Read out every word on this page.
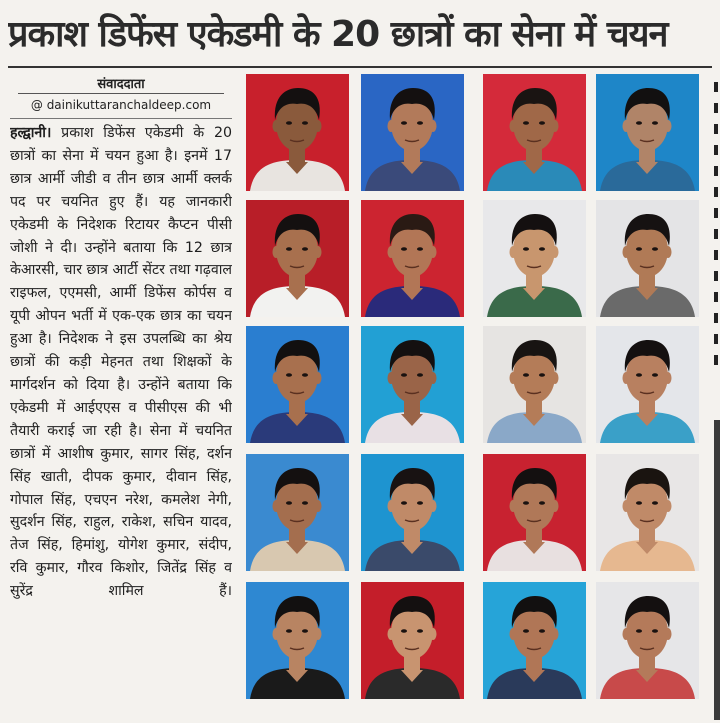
प्रकाश डिफेंस एकेडमी के 20 छात्रों का सेना में चयन
संवाददाता
@ dainikuttaranchaldeep.com
हल्द्वानी। प्रकाश डिफेंस एकेडमी के 20 छात्रों का सेना में चयन हुआ है। इनमें 17 छात्र आर्मी जीडी व तीन छात्र आर्मी क्लर्क पद पर चयनित हुए हैं। यह जानकारी एकेडमी के निदेशक रिटायर कैप्टन पीसी जोशी ने दी। उन्होंने बताया कि 12 छात्र केआरसी, चार छात्र आर्टी सेंटर तथा गढ़वाल राइफल, एएमसी, आर्मी डिफेंस कोर्पस व यूपी ओपन भर्ती में एक-एक छात्र का चयन हुआ है। निदेशक ने इस उपलब्धि का श्रेय छात्रों की कड़ी मेहनत तथा शिक्षकों के मार्गदर्शन को दिया है। उन्होंने बताया कि एकेडमी में आईएएस व पीसीएस की भी तैयारी कराई जा रही है। सेना में चयनित छात्रों में आशीष कुमार, सागर सिंह, दर्शन सिंह खाती, दीपक कुमार, दीवान सिंह, गोपाल सिंह, एचएन नरेश, कमलेश नेगी, सुदर्शन सिंह, राहुल, राकेश, सचिन यादव, तेज सिंह, हिमांशु, योगेश कुमार, संदीप, रवि कुमार, गौरव किशोर, जितेंद्र सिंह व सुरेंद्र शामिल हैं।
